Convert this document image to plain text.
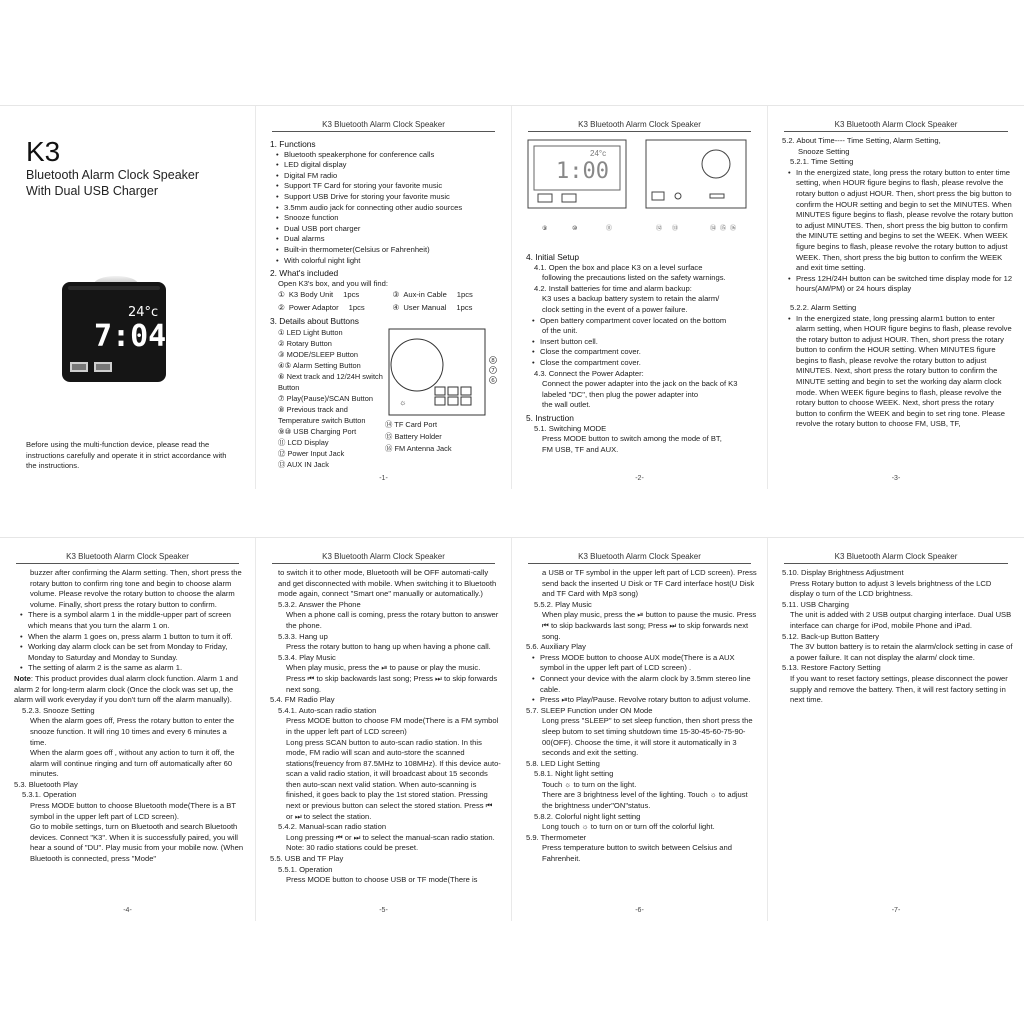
K3
Bluetooth Alarm Clock Speaker
With Dual USB Charger
24°c
7:04
Before using the multi-function device, please read the instructions carefully and operate it in strict accordance with the instructions.
K3 Bluetooth Alarm Clock Speaker
1. Functions
• Bluetooth speakerphone for conference calls
• LED digital display
• Digital FM radio
• Support TF Card for storing your favorite music
• Support USB Drive for storing your favorite music
• 3.5mm audio jack for connecting other audio sources
• Snooze function
• Dual USB port charger
• Dual alarms
• Built-in thermometer(Celsius or Fahrenheit)
• With colorful night light
2. What's included
Open K3's box, and you will find:
① K3 Body Unit 1pcs	③ Aux-in Cable 1pcs
② Power Adaptor 1pcs	④ User Manual 1pcs
3. Details about Buttons
① LED Light Button
② Rotary Button
③ MODE/SLEEP Button
④⑤ Alarm Setting Button
⑥ Next track and 12/24H switch Button
⑦ Play(Pause)/SCAN Button
⑧ Previous track and Temperature switch Button
⑨⑩ USB Charging Port
⑪ LCD Display
⑫ Power Input Jack
⑬ AUX IN Jack
☼
8
7
6
⑭ TF Card Port
⑮ Battery Holder
⑯ FM Antenna Jack
-1-
K3 Bluetooth Alarm Clock Speaker
1:00
24°c
⑨	⑩	⑪	⑫ ⑬	⑭ ⑮ ⑯
4. Initial Setup
4.1. Open the box and place K3 on a level surface
following the precautions listed on the safety warnings.
4.2. Install batteries for time and alarm backup:
K3 uses a backup battery system to retain the alarm/
clock setting in the event of a power failure.
• Open battery compartment cover located on the bottom
of the unit.
• Insert button cell.
• Close the compartment cover.
• Close the compartment cover.
4.3. Connect the Power Adapter:
Connect the power adapter into the jack on the back of K3
labeled "DC", then plug the power adapter into
the wall outlet.
5. Instruction
5.1. Switching MODE
Press MODE button to switch among the mode of BT,
FM USB, TF and AUX.
-2-
K3 Bluetooth Alarm Clock Speaker
5.2. About Time---- Time Setting, Alarm Setting,
Snooze Setting
5.2.1. Time Setting
• In the energized state, long press the rotary button to enter time setting, when HOUR figure begins to flash, please revolve the rotary button o adjust HOUR. Then, short press the big button to confirm the HOUR setting and begin to set the MINUTES. When MINUTES figure begins to flash, please revolve the rotary button to adjust MINUTES. Then, short press the big button to confirm the MINUTE setting and begins to set the WEEK. When WEEK figure begins to flash, please revolve the rotary button to adjust WEEK. Then, short press the big button to confirm the WEEK and exit time setting.
• Press 12H/24H button can be switched time display mode for 12 hours(AM/PM) or 24 hours display
5.2.2. Alarm Setting
• In the energized state, long pressing alarm1 button to enter alarm setting, when HOUR figure begins to flash, please revolve the rotary button to adjust HOUR. Then, short press the rotary button to confirm the HOUR setting. When MINUTES figure begins to flash, please revolve the rotary button to adjust MINUTES. Next, short press the rotary button to confirm the MINUTE setting and begin to set the working day alarm clock mode. When WEEK figure begins to flash, please revolve the rotary button to choose WEEK. Next, short press the rotary button to confirm the WEEK and begin to set ring tone. Please revolve the rotary button to choose FM, USB, TF,
-3-
K3 Bluetooth Alarm Clock Speaker
buzzer after confirming the Alarm setting. Then, short press the rotary button to confirm ring tone and begin to choose alarm volume. Please revolve the rotary button to choose the alarm volume. Finally, short press the rotary button to confirm.
• There is a symbol alarm 1 in the middle-upper part of screen which means that you turn the alarm 1 on.
• When the alarm 1 goes on, press alarm 1 button to turn it off.
• Working day alarm clock can be set from Monday to Friday, Monday to Saturday and Monday to Sunday.
• The setting of alarm 2 is the same as alarm 1.
Note: This product provides dual alarm clock function. Alarm 1 and alarm 2 for long-term alarm clock (Once the clock was set up, the alarm will work everyday if you don't turn off the alarm manually).
5.2.3. Snooze Setting
When the alarm goes off, Press the rotary button to enter the snooze function. It will ring 10 times and every 6 minutes a time.
When the alarm goes off , without any action to turn it off, the alarm will continue ringing and turn off automatically after 60 minutes.
5.3. Bluetooth Play
5.3.1. Operation
Press MODE button to choose Bluetooth mode(There is a BT symbol in the upper left part of LCD screen).
Go to mobile settings, turn on Bluetooth and search Bluetooth devices. Connect "K3". When it is successfully paired, you will hear a sound of "DU". Play music from your mobile now. (When Bluetooth is connected, press "Mode"
-4-
K3 Bluetooth Alarm Clock Speaker
to switch it to other mode, Bluetooth will be OFF automati-cally and get disconnected with mobile. When switching it to Bluetooth mode again, connect "Smart one" manually or automatically.)
5.3.2. Answer the Phone
When a phone call is coming, press the rotary button to answer the phone.
5.3.3. Hang up
Press the rotary button to hang up when having a phone call.
5.3.4. Play Music
When play music, press the ⏯ to pause or play the music. Press ⏮ to skip backwards last song; Press ⏭ to skip forwards next song.
5.4. FM Radio Play
5.4.1. Auto-scan radio station
Press MODE button to choose FM mode(There is a FM symbol in the upper left part of LCD screen)
Long press SCAN button to auto-scan radio station. In this mode, FM radio will scan and auto-store the scanned stations(freuency from 87.5MHz to 108MHz). If this device auto-scan a valid radio station, it will broadcast about 15 seconds then auto-scan next valid station. When auto-scanning is finished, it goes back to play the 1st stored station. Pressing next or previous button can select the stored station. Press ⏮ or ⏭ to select the station.
5.4.2. Manual-scan radio station
Long pressing ⏮ or ⏭ to select the manual-scan radio station.
Note: 30 radio stations could be preset.
5.5. USB and TF Play
5.5.1. Operation
Press MODE button to choose USB or TF mode(There is
-5-
K3 Bluetooth Alarm Clock Speaker
a USB or TF symbol in the upper left part of LCD screen). Press send back the inserted U Disk or TF Card interface host(U Disk and TF Card with Mp3 song)
5.5.2. Play Music
When play music, press the ⏯ button to pause the music. Press ⏮ to skip backwards last song; Press ⏭ to skip forwards next song.
5.6. Auxiliary Play
• Press MODE button to choose AUX mode(There is a AUX symbol in the upper left part of LCD screen) .
• Connect your device with the alarm clock by 3.5mm stereo line cable.
• Press ⏯to Play/Pause. Revolve rotary button to adjust volume.
5.7. SLEEP Function under ON Mode
Long press "SLEEP" to set sleep function, then short press the sleep butom to set timing shutdown time 15-30-45-60-75-90-00(OFF). Choose the time, it will store it automatically in 3 seconds and exit the setting.
5.8. LED Light Setting
5.8.1. Night light setting
Touch ☼ to turn on the light.
There are 3 brightness level of the lighting. Touch ☼ to adjust the brightness under"ON"status.
5.8.2. Colorful night light setting
Long touch ☼ to turn on or turn off the colorful light.
5.9. Thermometer
Press temperature button to switch between Celsius and Fahrenheit.
-6-
K3 Bluetooth Alarm Clock Speaker
5.10. Display Brightness Adjustment
Press Rotary button to adjust 3 levels brightness of the LCD display o turn of the LCD brightness.
5.11. USB Charging
The unit is added with 2 USB output charging interface. Dual USB interface can charge for iPod, mobile Phone and iPad.
5.12. Back-up Button Battery
The 3V button battery is to retain the alarm/clock setting in case of a power failure. It can not display the alarm/ clock time.
5.13. Restore Factory Setting
If you want to reset factory settings, please disconnect the power supply and remove the battery. Then, it will rest factory setting in next time.
-7-
